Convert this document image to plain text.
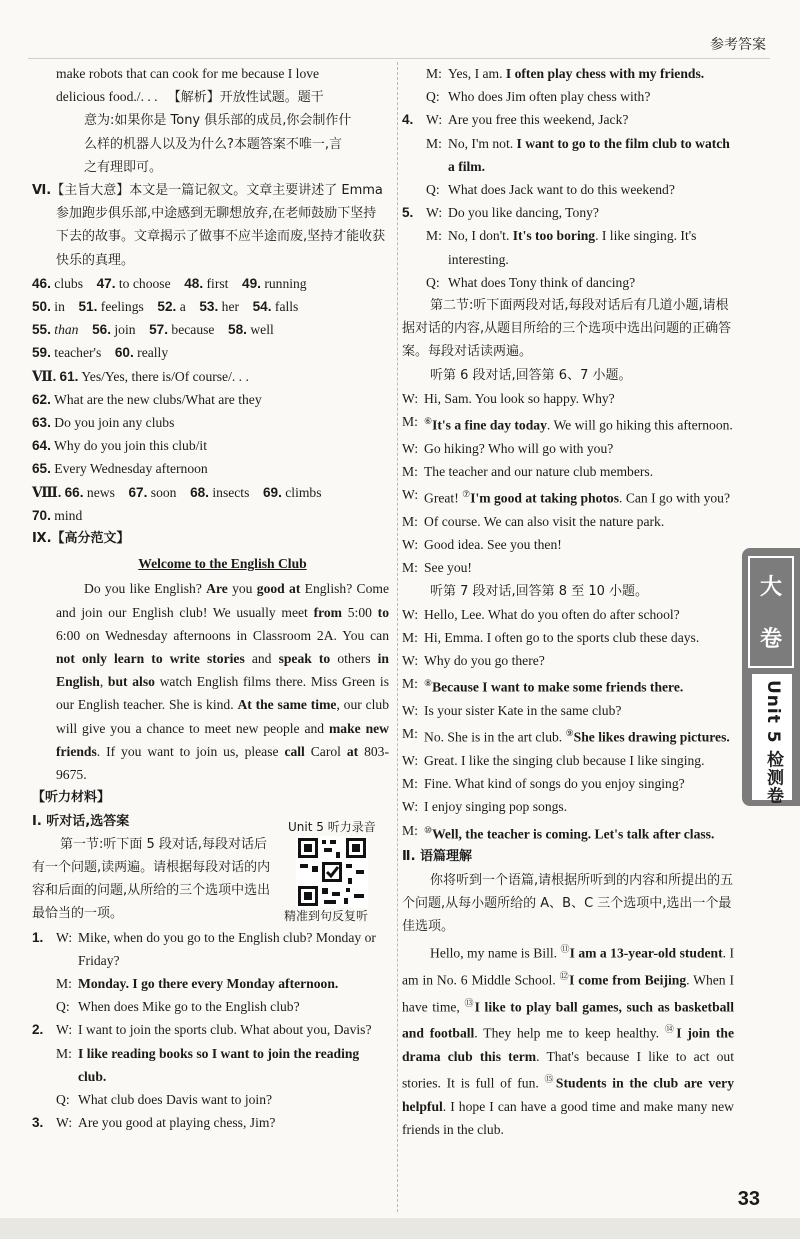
参考答案
make robots that can cook for me because I love
delicious food./. . . 【解析】开放性试题。题干
意为:如果你是 Tony 俱乐部的成员,你会制作什
么样的机器人以及为什么?本题答案不唯一,言
之有理即可。
Ⅵ.【主旨大意】本文是一篇记叙文。文章主要讲述了 Emma 参加跑步俱乐部,中途感到无聊想放弃,在老师鼓励下坚持下去的故事。文章揭示了做事不应半途而废,坚持才能收获快乐的真理。
46. clubs 47. to choose 48. first 49. running
50. in 51. feelings 52. a 53. her 54. falls
55. than 56. join 57. because 58. well
59. teacher's 60. really
Ⅶ. 61. Yes/Yes, there is/Of course/. . .
62. What are the new clubs/What are they
63. Do you join any clubs
64. Why do you join this club/it
65. Every Wednesday afternoon
Ⅷ. 66. news    67. soon    68. insects    69. climbs
70. mind
Ⅸ.【高分范文】
Welcome to the English Club
Do you like English? Are you good at English? Come and join our English club! We usually meet from 5:00 to 6:00 on Wednesday afternoons in Classroom 2A. You can not only learn to write stories and speak to others in English, but also watch English films there. Miss Green is our English teacher. She is kind. At the same time, our club will give you a chance to meet new people and make new friends. If you want to join us, please call Carol at 803-9675.
【听力材料】
Ⅰ. 听对话,选答案
第一节:听下面 5 段对话,每段对话后有一个问题,读两遍。请根据每段对话的内容和后面的问题,从所给的三个选项中选出最恰当的一项。
1. W: Mike, when do you go to the English club? Monday or Friday?
M: Monday. I go there every Monday afternoon.
Q: When does Mike go to the English club?
2. W: I want to join the sports club. What about you, Davis?
M: I like reading books so I want to join the reading club.
Q: What club does Davis want to join?
3. W: Are you good at playing chess, Jim?
Unit 5 听力录音
精准到句反复听
M: Yes, I am. I often play chess with my friends.
Q: Who does Jim often play chess with?
4. W: Are you free this weekend, Jack?
M: No, I'm not. I want to go to the film club to watch a film.
Q: What does Jack want to do this weekend?
5. W: Do you like dancing, Tony?
M: No, I don't. It's too boring. I like singing. It's interesting.
Q: What does Tony think of dancing?
第二节:听下面两段对话,每段对话后有几道小题,请根据对话的内容,从题目所给的三个选项中选出问题的正确答案。每段对话读两遍。
听第 6 段对话,回答第 6、7 小题。
W: Hi, Sam. You look so happy. Why?
M: ⑥It's a fine day today. We will go hiking this afternoon.
W: Go hiking? Who will go with you?
M: The teacher and our nature club members.
W: Great! ⑦I'm good at taking photos. Can I go with you?
M: Of course. We can also visit the nature park.
W: Good idea. See you then!
M: See you!
听第 7 段对话,回答第 8 至 10 小题。
W: Hello, Lee. What do you often do after school?
M: Hi, Emma. I often go to the sports club these days.
W: Why do you go there?
M: ⑧Because I want to make some friends there.
W: Is your sister Kate in the same club?
M: No. She is in the art club. ⑨She likes drawing pictures.
W: Great. I like the singing club because I like singing.
M: Fine. What kind of songs do you enjoy singing?
W: I enjoy singing pop songs.
M: ⑩Well, the teacher is coming. Let's talk after class.
Ⅱ. 语篇理解
你将听到一个语篇,请根据所听到的内容和所提出的五个问题,从每小题所给的 A、B、C 三个选项中,选出一个最佳选项。
Hello, my name is Bill. ⑪I am a 13-year-old student. I am in No. 6 Middle School. ⑫I come from Beijing. When I have time, ⑬I like to play ball games, such as basketball and football. They help me to keep healthy. ⑭I join the drama club this term. That's because I like to act out stories. It is full of fun. ⑮Students in the club are very helpful. I hope I can have a good time and make many new friends in the club.
大卷
Unit 5 检测卷
33
